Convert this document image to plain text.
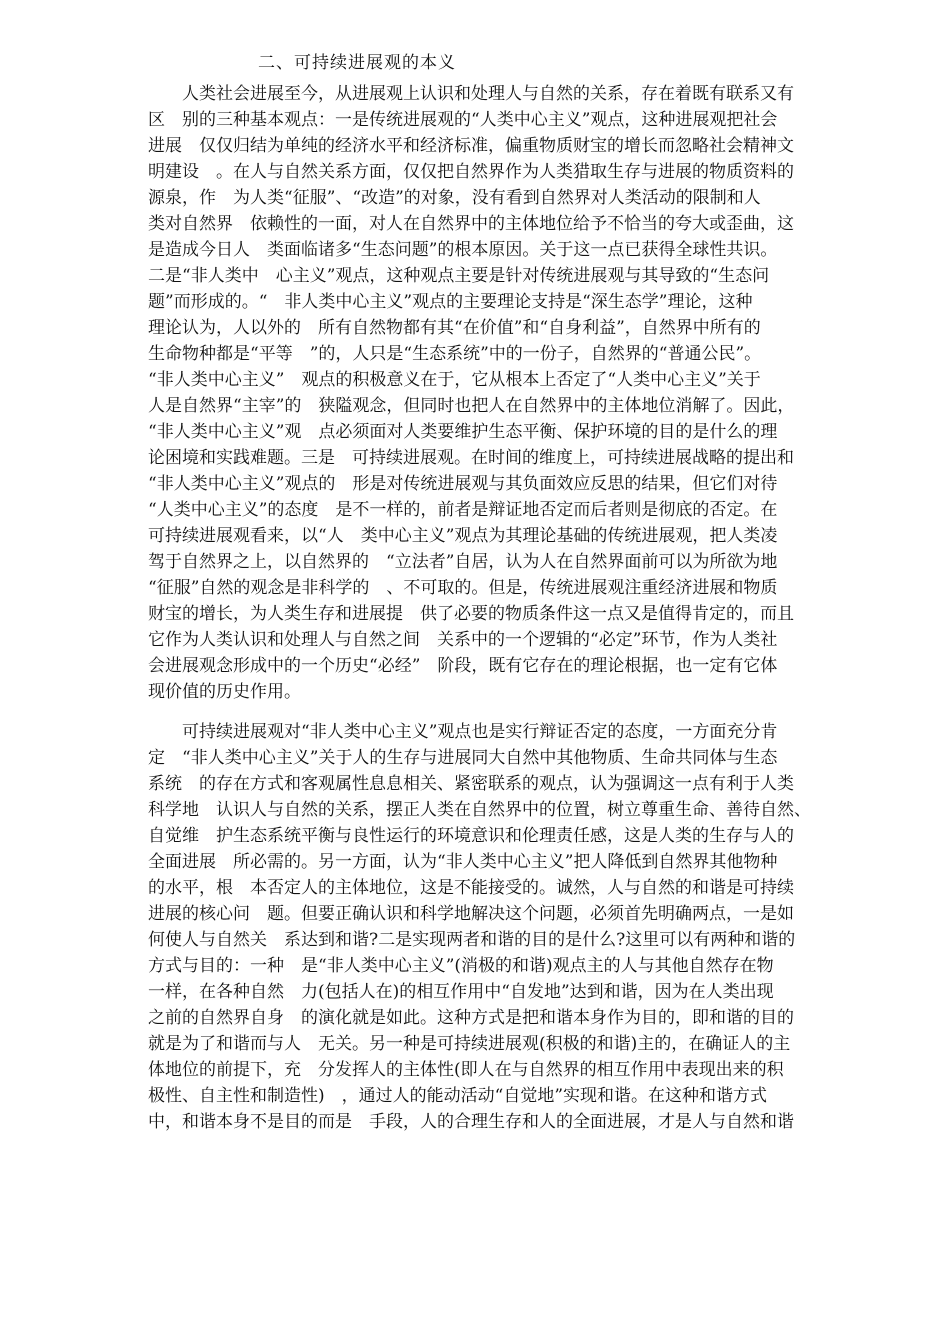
二、可持续进展观的本义
　　人类社会进展至今，从进展观上认识和处理人与自然的关系，存在着既有联系又有
区　别的三种基本观点：一是传统进展观的“人类中心主义”观点，这种进展观把社会
进展　仅仅归结为单纯的经济水平和经济标准，偏重物质财宝的增长而忽略社会精神文
明建设　。在人与自然关系方面，仅仅把自然界作为人类猎取生存与进展的物质资料的
源泉，作　为人类“征服”、“改造”的对象，没有看到自然界对人类活动的限制和人
类对自然界　依赖性的一面，对人在自然界中的主体地位给予不恰当的夸大或歪曲，这
是造成今日人　类面临诸多“生态问题”的根本原因。关于这一点已获得全球性共识。
二是“非人类中　心主义”观点，这种观点主要是针对传统进展观与其导致的“生态问
题”而形成的。“　非人类中心主义”观点的主要理论支持是“深生态学”理论，这种
理论认为，人以外的　所有自然物都有其“在价值”和“自身利益”，自然界中所有的
生命物种都是“平等　”的，人只是“生态系统”中的一份子，自然界的“普通公民”。
“非人类中心主义”　观点的积极意义在于，它从根本上否定了“人类中心主义”关于
人是自然界“主宰”的　狭隘观念，但同时也把人在自然界中的主体地位消解了。因此，
“非人类中心主义”观　点必须面对人类要维护生态平衡、保护环境的目的是什么的理
论困境和实践难题。三是　可持续进展观。在时间的维度上，可持续进展战略的提出和
“非人类中心主义”观点的　形是对传统进展观与其负面效应反思的结果，但它们对待
“人类中心主义”的态度　是不一样的，前者是辩证地否定而后者则是彻底的否定。在
可持续进展观看来，以“人　类中心主义”观点为其理论基础的传统进展观，把人类凌
驾于自然界之上，以自然界的　“立法者”自居，认为人在自然界面前可以为所欲为地
“征服”自然的观念是非科学的　、不可取的。但是，传统进展观注重经济进展和物质
财宝的增长，为人类生存和进展提　供了必要的物质条件这一点又是值得肯定的，而且
它作为人类认识和处理人与自然之间　关系中的一个逻辑的“必定”环节，作为人类社
会进展观念形成中的一个历史“必经”　阶段，既有它存在的理论根据，也一定有它体
现价值的历史作用。
　　可持续进展观对“非人类中心主义”观点也是实行辩证否定的态度，一方面充分肯
定　“非人类中心主义”关于人的生存与进展同大自然中其他物质、生命共同体与生态
系统　的存在方式和客观属性息息相关、紧密联系的观点，认为强调这一点有利于人类
科学地　认识人与自然的关系，摆正人类在自然界中的位置，树立尊重生命、善待自然、
自觉维　护生态系统平衡与良性运行的环境意识和伦理责任感，这是人类的生存与人的
全面进展　所必需的。另一方面，认为“非人类中心主义”把人降低到自然界其他物种
的水平，根　本否定人的主体地位，这是不能接受的。诚然，人与自然的和谐是可持续
进展的核心问　题。但要正确认识和科学地解决这个问题，必须首先明确两点，一是如
何使人与自然关　系达到和谐?二是实现两者和谐的目的是什么?这里可以有两种和谐的
方式与目的：一种　是“非人类中心主义”(消极的和谐)观点主的人与其他自然存在物
一样，在各种自然　力(包括人在)的相互作用中“自发地”达到和谐，因为在人类出现
之前的自然界自身　的演化就是如此。这种方式是把和谐本身作为目的，即和谐的目的
就是为了和谐而与人　无关。另一种是可持续进展观(积极的和谐)主的，在确证人的主
体地位的前提下，充　分发挥人的主体性(即人在与自然界的相互作用中表现出来的积
极性、自主性和制造性)　，通过人的能动活动“自觉地”实现和谐。在这种和谐方式
中，和谐本身不是目的而是　手段，人的合理生存和人的全面进展，才是人与自然和谐
